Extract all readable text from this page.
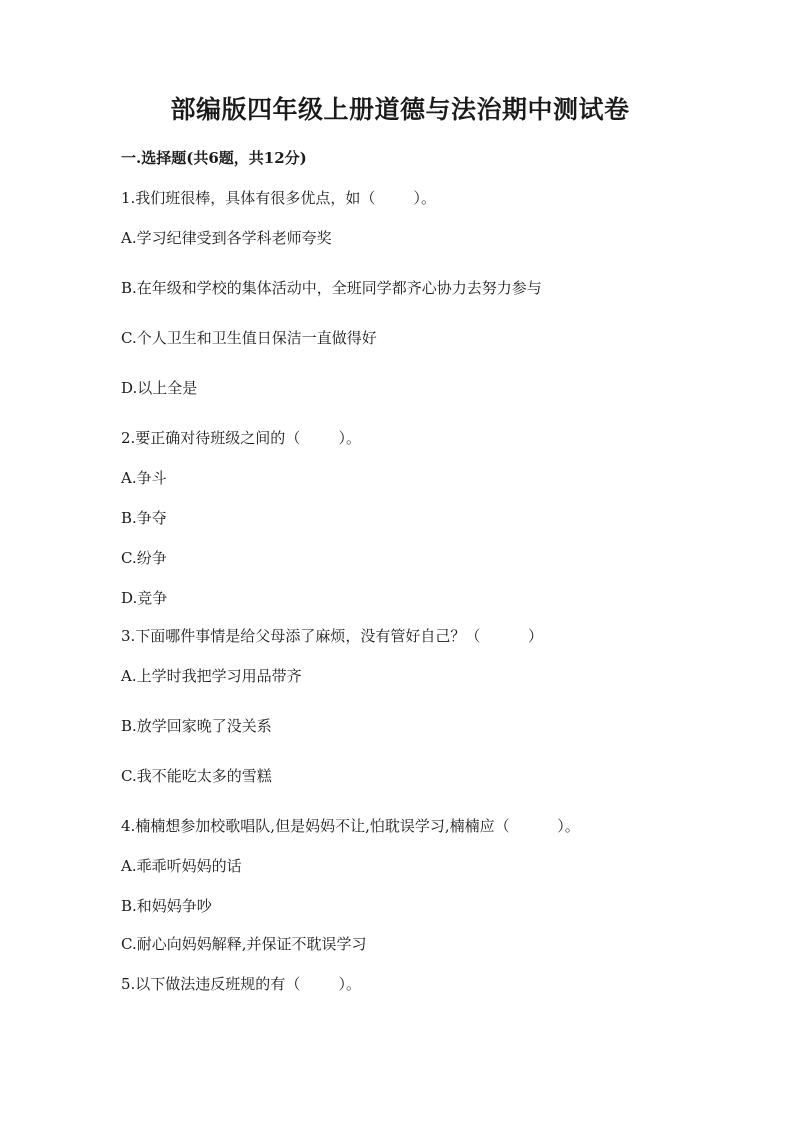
部编版四年级上册道德与法治期中测试卷
一.选择题(共6题，共12分)
1.我们班很棒，具体有很多优点，如（        ）。
A.学习纪律受到各学科老师夸奖
B.在年级和学校的集体活动中，全班同学都齐心协力去努力参与
C.个人卫生和卫生值日保洁一直做得好
D.以上全是
2.要正确对待班级之间的（        ）。
A.争斗
B.争夺
C.纷争
D.竞争
3.下面哪件事情是给父母添了麻烦，没有管好自己？（          ）
A.上学时我把学习用品带齐
B.放学回家晚了没关系
C.我不能吃太多的雪糕
4.楠楠想参加校歌唱队,但是妈妈不让,怕耽误学习,楠楠应（          ）。
A.乖乖听妈妈的话
B.和妈妈争吵
C.耐心向妈妈解释,并保证不耽误学习
5.以下做法违反班规的有（        ）。
